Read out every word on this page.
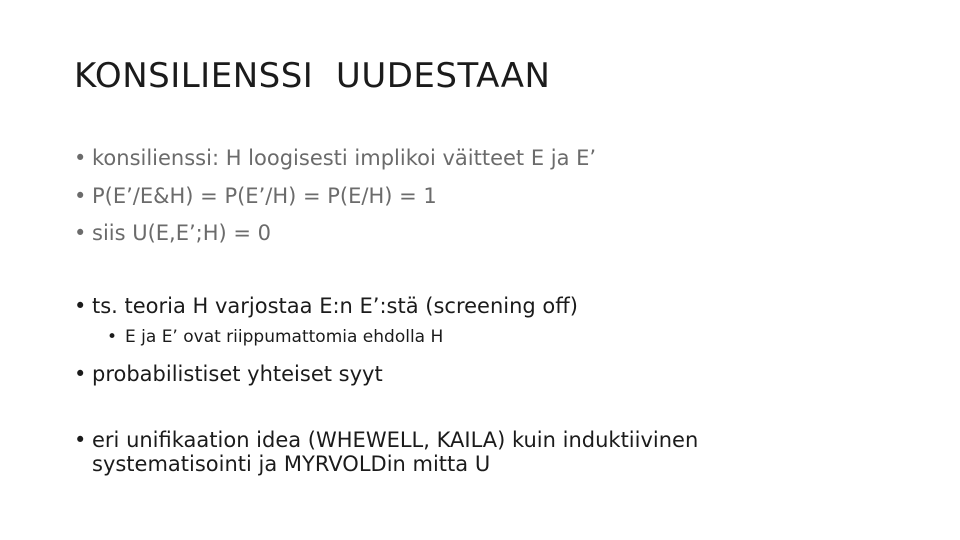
KONSILIENSSI  UUDESTAAN
• konsilienssi: H loogisesti implikoi väitteet E ja E’
• P(E’/E&H) = P(E’/H) = P(E/H) = 1
• siis U(E,E’;H) = 0
• ts. teoria H varjostaa E:n E’:stä (screening off)
• E ja E’ ovat riippumattomia ehdolla H
• probabilistiset yhteiset syyt
• eri unifikaation idea (WHEWELL, KAILA) kuin induktiivinen systematisointi ja MYRVOLDin mitta U
